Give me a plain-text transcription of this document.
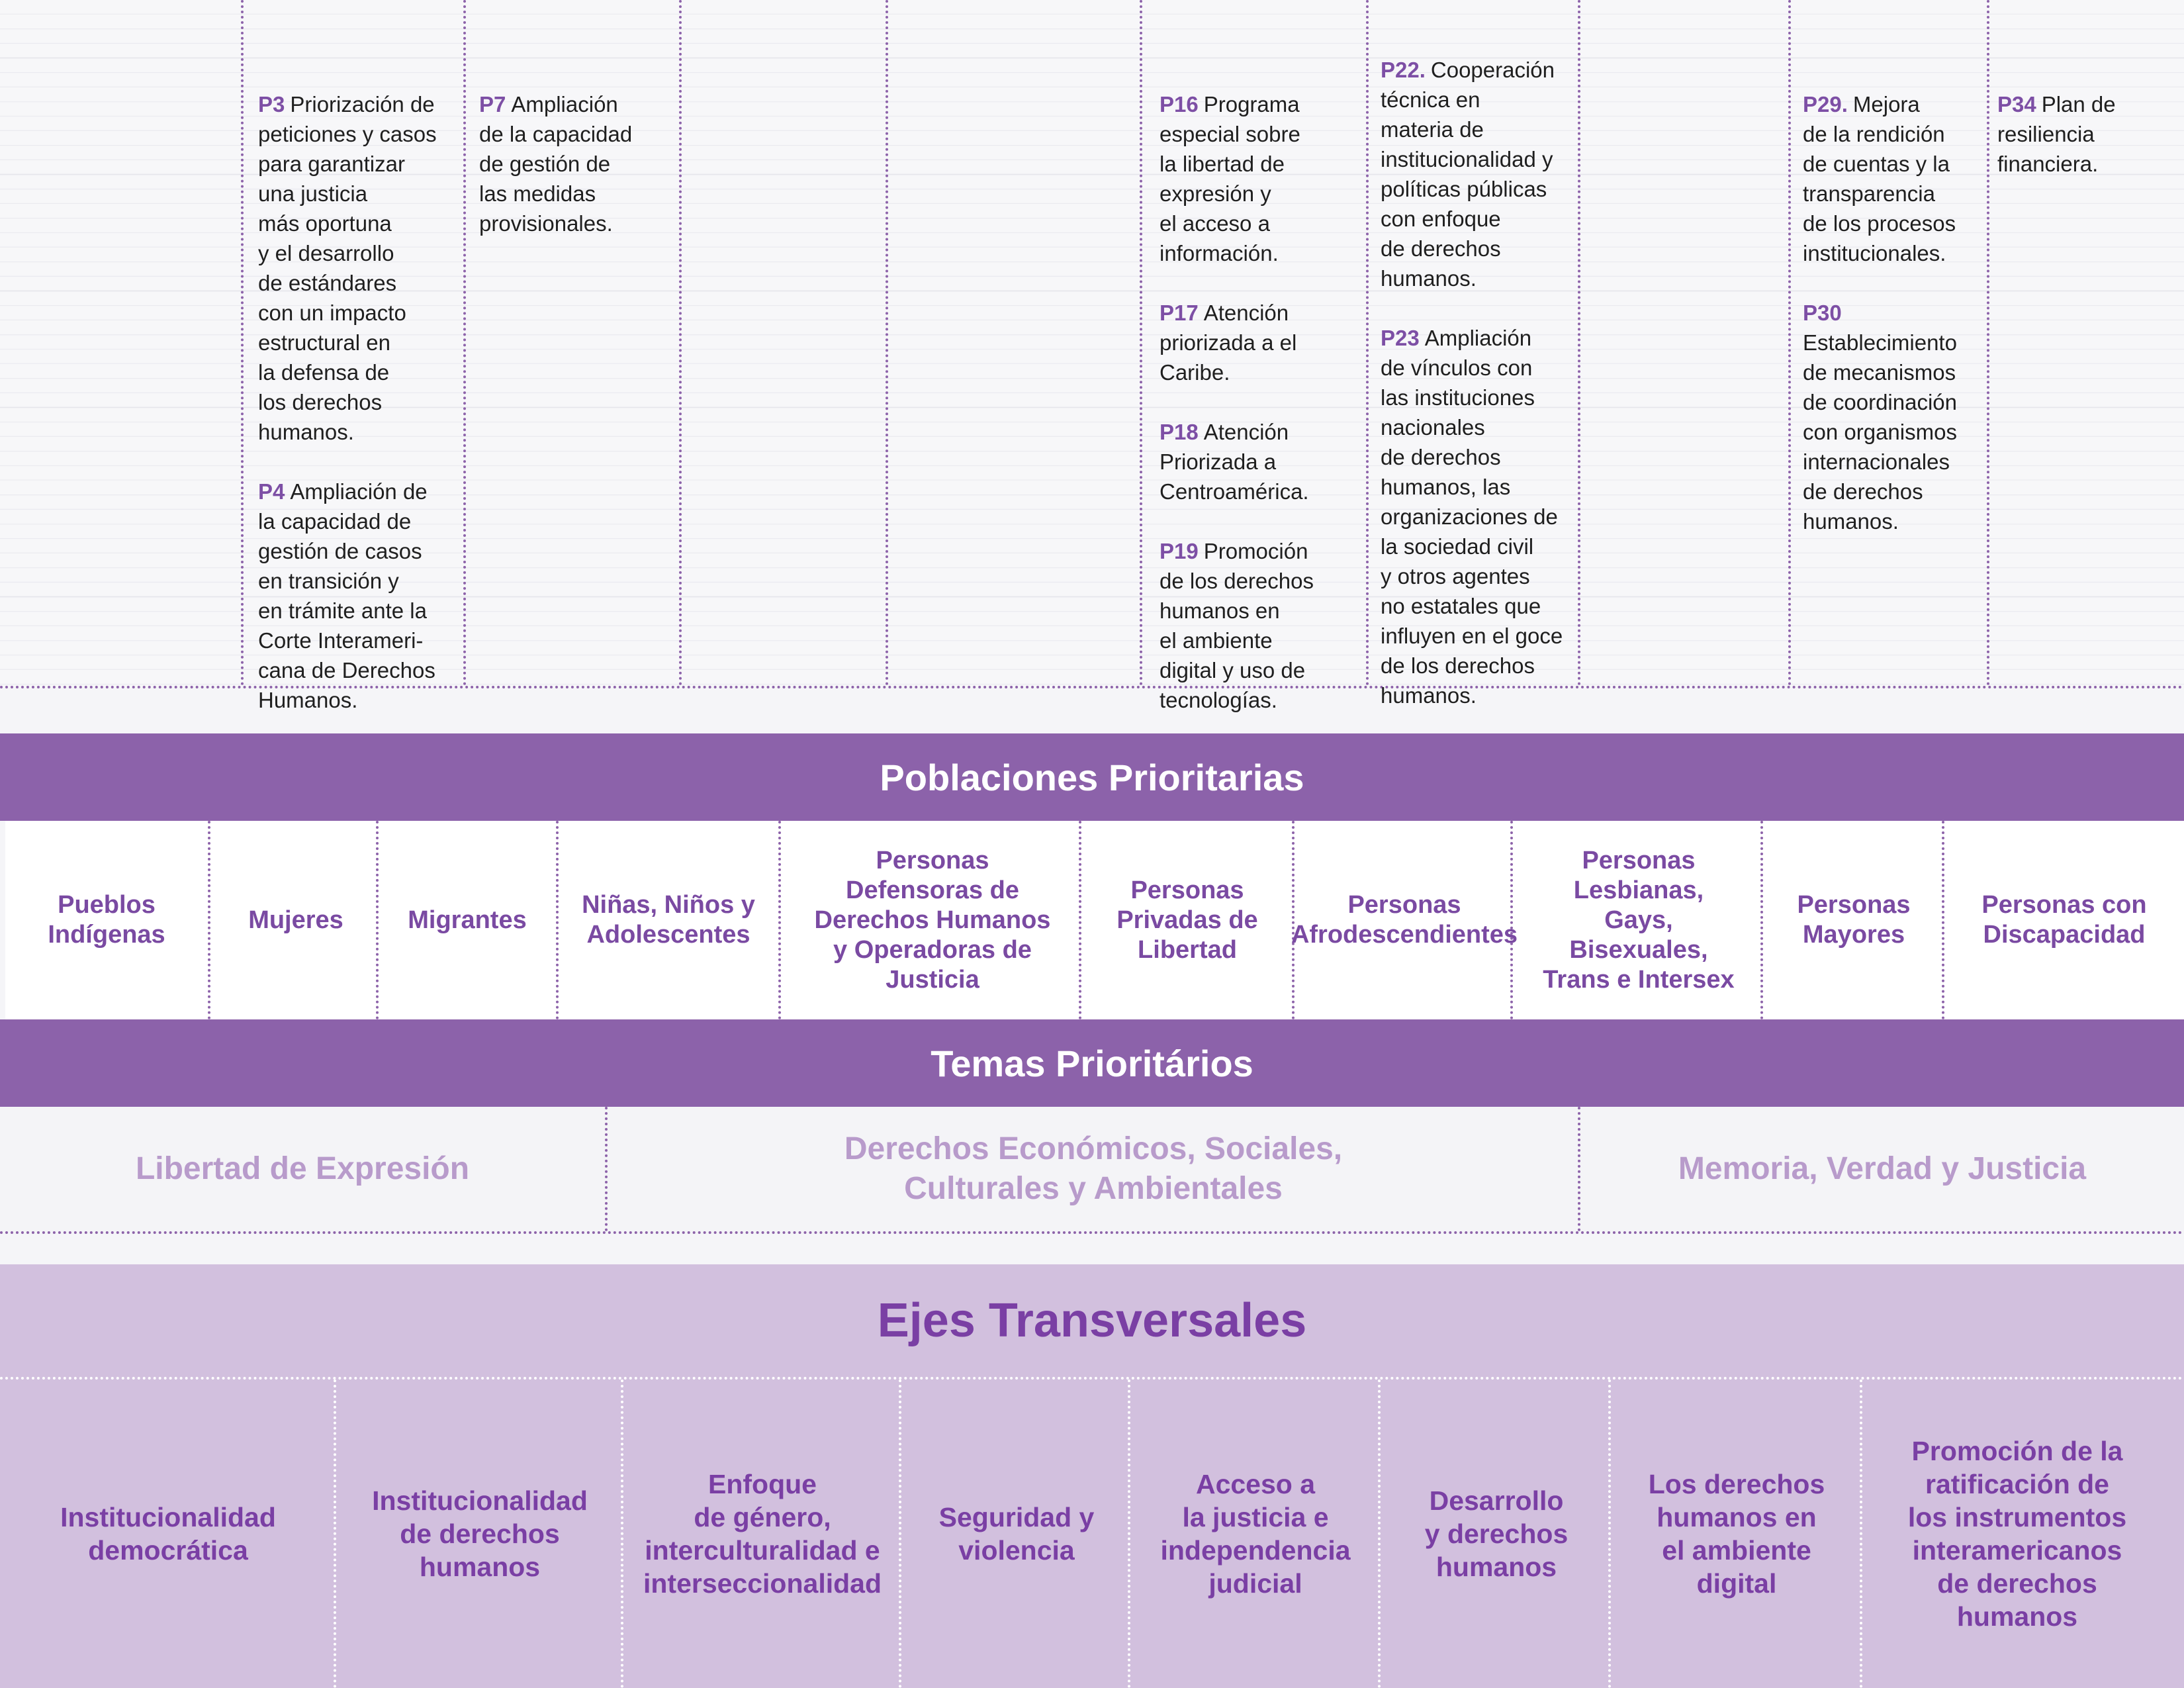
P3 Priorización de
peticiones y casos
para garantizar
una justicia
más oportuna
y el desarrollo
de estándares
con un impacto
estructural en
la defensa de
los derechos
humanos.

P4 Ampliación de
la capacidad de
gestión de casos
en transición y
en trámite ante la
Corte Interameri-
cana de Derechos
Humanos.

P7 Ampliación
de la capacidad
de gestión de
las medidas
provisionales.

P16 Programa
especial sobre
la libertad de
expresión y
el acceso a
información.

P17 Atención
priorizada a el
Caribe.

P18 Atención
Priorizada a
Centroamérica.

P19 Promoción
de los derechos
humanos en
el ambiente
digital y uso de
tecnologías.

P22. Cooperación
técnica en
materia de
institucionalidad y
políticas públicas
con enfoque
de derechos
humanos.

P23 Ampliación
de vínculos con
las instituciones
nacionales
de derechos
humanos, las
organizaciones de
la sociedad civil
y otros agentes
no estatales que
influyen en el goce
de los derechos
humanos.

P29. Mejora
de la rendición
de cuentas y la
transparencia
de los procesos
institucionales.

P30
Establecimiento
de mecanismos
de coordinación
con organismos
internacionales
de derechos
humanos.

P34 Plan de
resiliencia
financiera.

Poblaciones Prioritarias
Pueblos
Indígenas
Mujeres	Migrantes
Niñas, Niños y
Adolescentes
Personas
Defensoras de
Derechos Humanos
y Operadoras de
Justicia
Personas
Privadas de
Libertad
Personas
Afrodescendientes
Personas
Lesbianas,
Gays,
Bisexuales,
Trans e Intersex
Personas
Mayores
Personas con
Discapacidad
Temas Prioritários
Libertad de Expresión
Derechos Económicos, Sociales,
Culturales y Ambientales
Memoria, Verdad y Justicia
Ejes Transversales
Institucionalidad
democrática
Institucionalidad
de derechos
humanos
Enfoque
de género,
interculturalidad e
interseccionalidad
Seguridad y
violencia
Acceso a
la justicia e
independencia
judicial
Desarrollo
y derechos
humanos
Los derechos
humanos en
el ambiente
digital
Promoción de la
ratificación de
los instrumentos
interamericanos
de derechos
humanos
